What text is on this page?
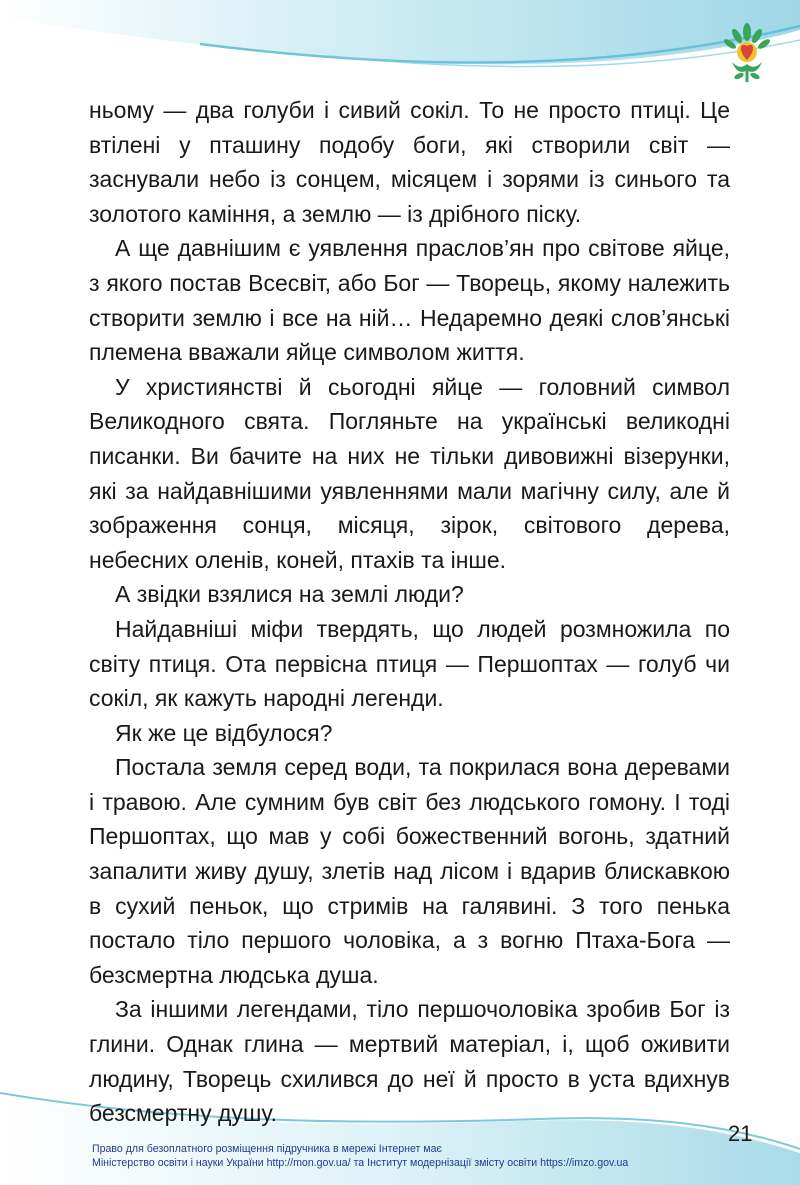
ньому — два голуби і сивий сокіл. То не просто птиці. Це втілені у пташину подобу боги, які створили світ — заснували небо із сонцем, місяцем і зорями із синього та золотого каміння, а землю — із дрібного піску.

А ще давнішим є уявлення праслов’ян про світове яйце, з якого постав Всесвіт, або Бог — Творець, якому належить створити землю і все на ній… Недаремно деякі слов’янські племена вважали яйце символом життя.

У християнстві й сьогодні яйце — головний символ Великодного свята. Погляньте на українські великодні писанки. Ви бачите на них не тільки дивовижні візерунки, які за найдавнішими уявленнями мали магічну силу, але й зображення сонця, місяця, зірок, світового дерева, небесних оленів, коней, птахів та інше.

А звідки взялися на землі люди?

Найдавніші міфи твердять, що людей розмножила по світу птиця. Ота первісна птиця — Першоптах — голуб чи сокіл, як кажуть народні легенди.

Як же це відбулося?

Постала земля серед води, та покрилася вона деревами і травою. Але сумним був світ без людського гомону. І тоді Першоптах, що мав у собі божественний вогонь, здатний запалити живу душу, злетів над лісом і вдарив блискавкою в сухий пеньок, що стримів на галявині. З того пенька постало тіло першого чоловіка, а з вогню Птаха-Бога — безсмертна людська душа.

За іншими легендами, тіло першочоловіка зробив Бог із глини. Однак глина — мертвий матеріал, і, щоб оживити людину, Творець схилився до неї й просто в уста вдихнув безсмертну душу.

21
Право для безоплатного розміщення підручника в мережі Інтернет має
Міністерство освіти і науки України http://mon.gov.ua/ та Інститут модернізації змісту освіти https://imzo.gov.ua
